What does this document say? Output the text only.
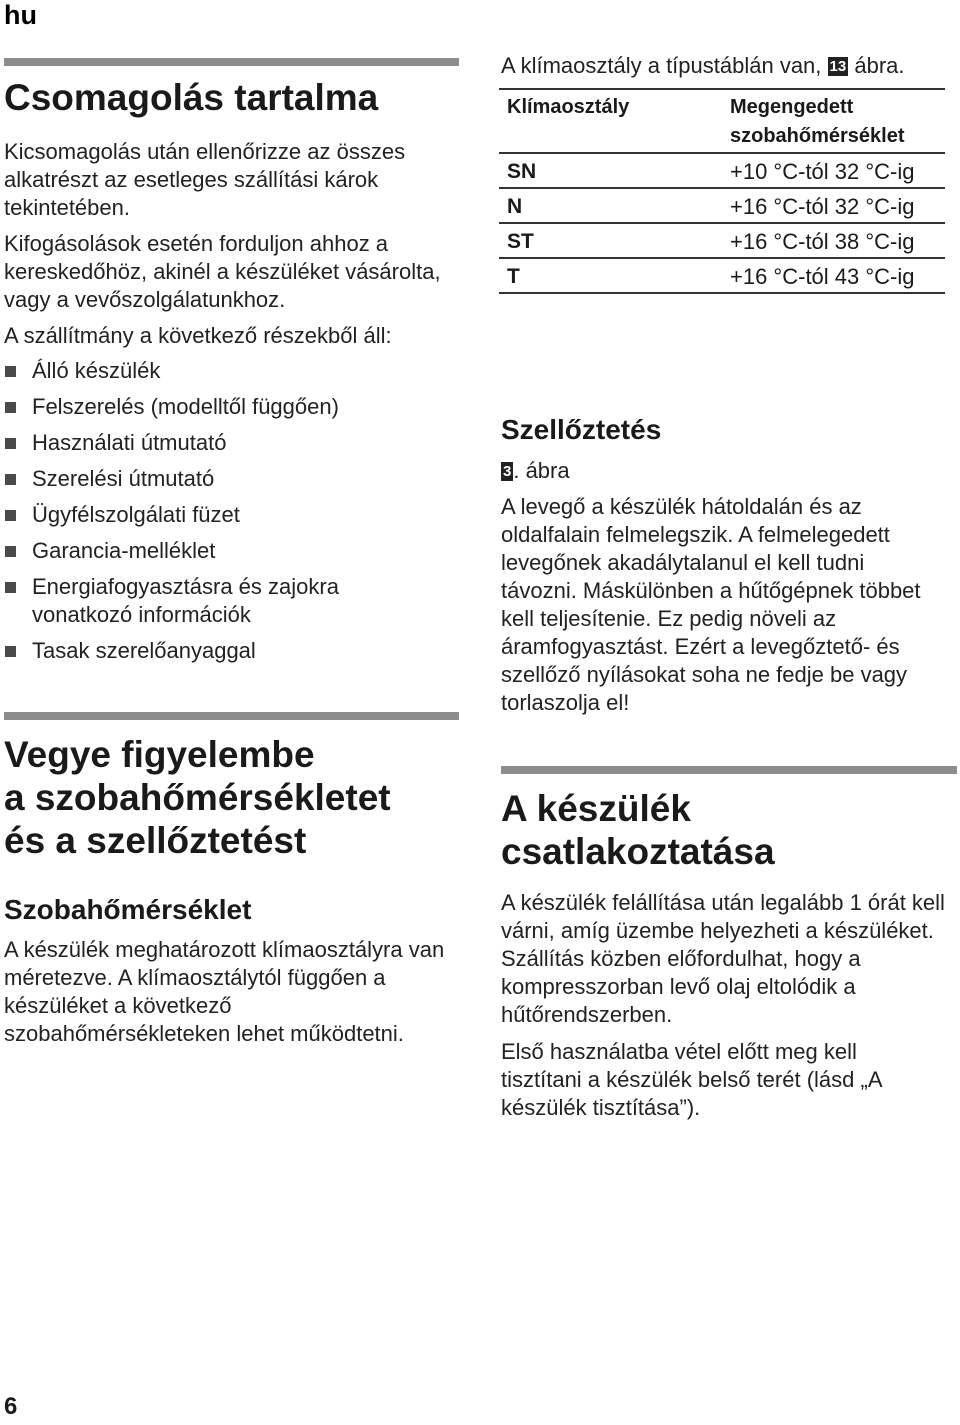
hu
Csomagolás tartalma
Kicsomagolás után ellenőrizze az összes alkatrészt az esetleges szállítási károk tekintetében.
Kifogásolások esetén forduljon ahhoz a kereskedőhöz, akinél a készüléket vásárolta, vagy a vevőszolgálatunkhoz.
A szállítmány a következő részekből áll:
Álló készülék
Felszerelés (modelltől függően)
Használati útmutató
Szerelési útmutató
Ügyfélszolgálati füzet
Garancia-melléklet
Energiafogyasztásra és zajokra vonatkozó információk
Tasak szerelőanyaggal
Vegye figyelembe
a szobahőmérsékletet
és a szellőztetést
Szobahőmérséklet
A készülék meghatározott klímaosztályra van méretezve. A klímaosztálytól függően a készüléket a következő szobahőmérsékleteken lehet működtetni.
A klímaosztály a típustáblán van, 13 ábra.
Klímaosztály	Megengedett szobahőmérséklet
SN	+10 °C-tól 32 °C-ig
N	+16 °C-tól 32 °C-ig
ST	+16 °C-tól 38 °C-ig
T	+16 °C-tól 43 °C-ig
Szellőztetés
3. ábra
A levegő a készülék hátoldalán és az oldalfalain felmelegszik. A felmelegedett levegőnek akadálytalanul el kell tudni távozni. Máskülönben a hűtőgépnek többet kell teljesítenie. Ez pedig növeli az áramfogyasztást. Ezért a levegőztető- és szellőző nyílásokat soha ne fedje be vagy torlaszolja el!
A készülék
csatlakoztatása
A készülék felállítása után legalább 1 órát kell várni, amíg üzembe helyezheti a készüléket. Szállítás közben előfordulhat, hogy a kompresszorban levő olaj eltolódik a hűtőrendszerben.
Első használatba vétel előtt meg kell tisztítani a készülék belső terét (lásd „A készülék tisztítása”).
6
